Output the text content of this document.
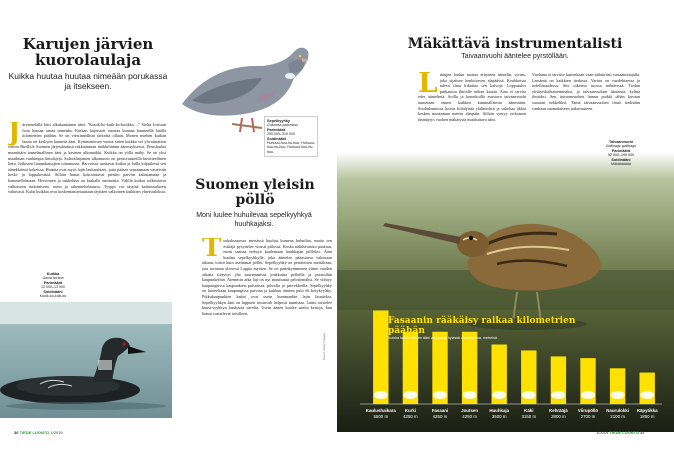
Karujen järvien kuorolaulaja

Kuikka huutaa huutaa nimeään porukassa ja itsekseen.

J ärvenselällä kiiri alkukantainen ääni: "Kuuik-ko-kuik-ko-kuiikko…" Sieltä Joissain liota huutaa omaa nimeään. Kuikan kujeiston suurtaa kunnaa kuunnellä käällä kilometrien päähän. Se on viestinnällistä tärkeätä ollaan. Monen miehen kuikan huuto on keskyön kaunein ääni. Kymmenissen vuotta sitten kuikka vei ylivoimaisen voiton BirdLife Suomen järjestämässä rakkaimman mökkilinnun äänestyksessä. Peruslaulua maanittäin tunnelmallinen ääni ja kesinen ulkumökki. Kuikka on yöllä mäky. Se on yksi maailman vanhimpia lintulajeja. Sulavalinjainen ulkomuoto on perusvaasteilla kuvitteellinen lintu. Julkisten linnunkatsojien tottumusta. Harvoissa tuottavat kuikat ja lailla kilpailevat sen äänekkäissä kokeissa. Huimia ovat myös lajin laulusuhteet, jotta pääsee seuraamaan vasteisiin keski- ja loppukesästä. Silloin linnut kokoontuvat pieniin parviin kalastamaan ja kommelloimaan. Hervoinen ja sukkeluus on kuikalle ominaista. Välillä kuikat sulkeutuvat valkoiseen tutkimiseen, usein ja rakenneltelmassa. Tyyppi voi täyttää kalastusalueen valtavasti. Kalat kuikkat ovat koskemattomuuttaan täyttäen valkoinen kuikkien yhteistuloksia.
Kuikka
Gavia arctica

Parimäärä
12 000–13 000

Soidinääni
Kuuik-ko-kuik-ko
Sepelkyyhky
Columba palumbus

Parimäärä
250 000–310 000

Soidinääni
Huhuuu-huu-hu-huu. Huhuuu-huu-hu-huu. Huhuuu-huu-hu-huu.
Suomen yleisin pöllö

Moni luulee huhuilevaa sepelkyyhkyä huuhkajaksi.

T uskokuusessa metsässä kuuluu kumeaa huhuilua, mutta sen esittäjä pysyttelee visusti piilossa. Koska näkihavainto puuttuu, moni saattaa erehtyä kuulemaan huuhkajan pöllöksi. Ääni kuuluu sepelkyyhkylle, joka äänteleе pääasiassa valoisaan aikaan, toisin kuin useimmat pöllöt. Sepelkyyhky on perinteisen metsälintu, jota tavataan yleisesti Lappia myöten. Se on parinkymmenen viime vuoden aikana siirtynyt yhä suuremmissa joukkoina pelloilla ja puistoihin kaupunkeihin. Aiemmin arka laji on nyt muuttunut pelottomaksi. Se viihtyy kaupungeissa kaupunkien puistoissa, pihoilla ja parvekkeilla. Sepelkyyhky on luoteeltaan kaupungissa parvina ja kukkuu ääneen pulu eli kesykyyhky. Pikkukaupunkien kadut ovat usein kummankin lajin läsnäoloa. Sepelkyyhkyn ääni on luppuen toistuvalt helposti tunnistaa. Linnu toistelee kuusi-syyhkyn kuuluvaa säveltä. Usein äänen kuulee useita kertoja, kun linnut vastailevat toisilleen.
Kuvat: Getty Images
Mäkättävä instrumentalisti

Taivaanvuohi ääntelee pyrstöllään.

L intujen laulun tuottaa erityinen äänielin, syrinx, joka sijaitsee henkitorven alapäässä. Keuhkoista tuleva ilma liikuttaa sen kalvoja. Lopputulos purkautuu ilmoille nokan kautta. Aina ei tarvita edes äänielintä. Soilla ja konetkoilla asustava taivaanvuohi tunnetaan ennen kaikkea kummallisesta äänestään. Soidinlennossa koiras kiihdyttää ylälimolsin ja sukeltaa äkkiä kesken muutaman metrin alaspäin. Silloin syntyy erikoinen täsmäytys vuohen mäkätystä muistuttava ääni.
Vuohana ei tarvitse kuitenkaan vaan nähtävästi vastaanottajalla. Lentämä on kaikkien tiedossa. Vartuu on vuodehtaessa ja todellisuudessa. Siis oikeissa tuossa nähtävissä. Tiedän yksityiskohtaisemmaksi, ja taivaanvuohen äänisistä, kylmä ilmiöksi. Sen taivaanvuohen linnun poikki tähän kuvaan suoraan sirkkeliksi. Tämä taivaanvuohen ilmiö tiedetään vanhaan suomalaiseen jatkuvuuteen.
Taivaanvuohi
Gallinago gallinago

Parimäärä
92 000–190 000

Soidinääni
Mäkätäääää
Kaulushaikara
5500 m
Kurki
4250 m
Fasaani
4250 m
Joutsen
4250 m
Huuhkaja
3500 m
Käki
3150 m
Kehrääjä
2800 m
Viirupöllö
2700 m
Naurulokki
2100 m
Käpytikka
1850 m
Fasaanin rääkäisy raikaa kilometrien päähän
Kuinka kauas lintujen ääni voi kuulua hyvissä olosuhteissa, metreinä.
36 TIEDE LUONTO 1/2019	1/2019 TIEDE LUONTO 37
